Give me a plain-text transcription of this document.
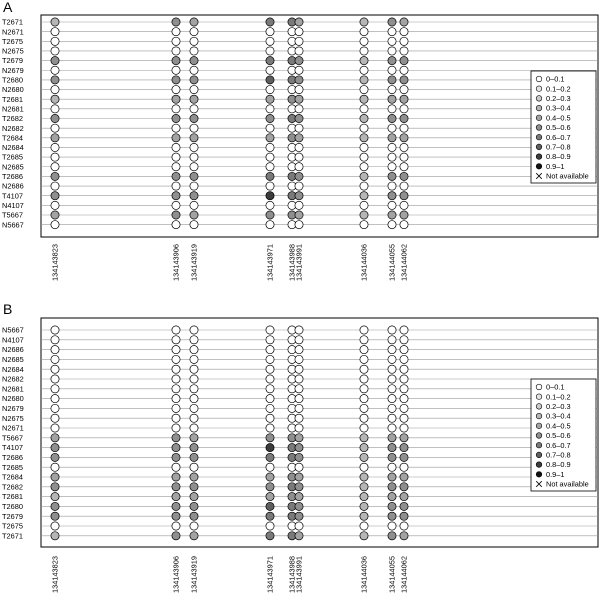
A
T2671
N2671
T2675
N2675
T2679
N2679
T2680
N2680
T2681
N2681
T2682
N2682
T2684
N2684
T2685
N2685
T2686
N2686
T4107
N4107
T5667
N5667
134143823	134143906 134143919	134143971 134143988
134143991	134144036	134144055 134144062
0–0.1
0.1–0.2
0.2–0.3
0.3–0.4
0.4–0.5
0.5–0.6
0.6–0.7
0.7–0.8
0.8–0.9
0.9–1
Not available
B
N5667
N4107
N2686
N2685
N2684
N2682
N2681
N2680
N2679
N2675
N2671
T5667
T4107
T2686
T2685
T2684
T2682
T2681
T2680
T2679
T2675
T2671
134143823	134143906 134143919	134143971 134143988
134143991	134144036	134144055 134144062
0–0.1
0.1–0.2
0.2–0.3
0.3–0.4
0.4–0.5
0.5–0.6
0.6–0.7
0.7–0.8
0.8–0.9
0.9–1
Not available
